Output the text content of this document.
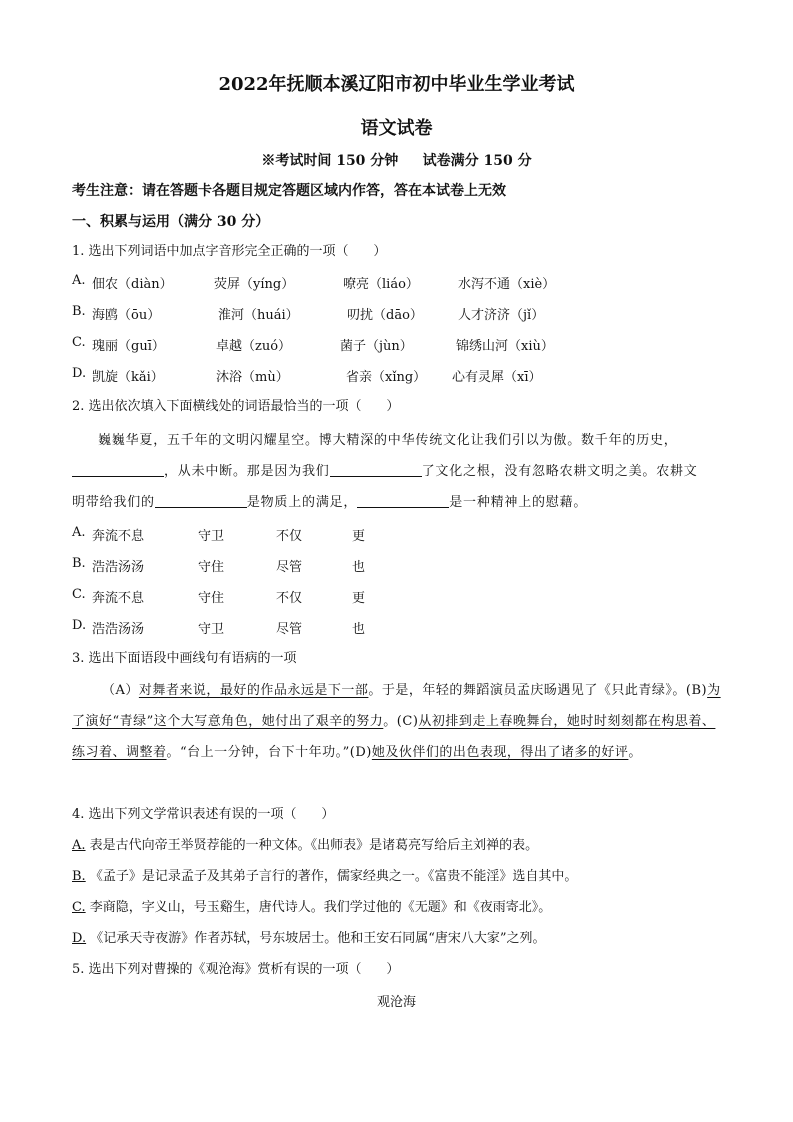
2022年抚顺本溪辽阳市初中毕业生学业考试
语文试卷
※考试时间 150 分钟     试卷满分 150 分
考生注意：请在答题卡各题目规定答题区域内作答，答在本试卷上无效
一、积累与运用（满分 30 分）
1. 选出下列词语中加点字音形完全正确的一项（      ）
A. 佃农（diàn）	荧屏（yíng）	嘹亮（liáo）	水泻不通（xiè）
B. 海鸥（ōu）	淮河（huái）	叨扰（dāo）	人才济济（jǐ）
C. 瑰丽（guī）	卓越（zuó）	菌子（jùn）	锦绣山河（xiù）
D. 凯旋（kǎi）	沐浴（mù）	省亲（xǐng） 心有灵犀（xī）
2. 选出依次填入下面横线处的词语最恰当的一项（      ）
巍巍华夏，五千年的文明闪耀星空。博大精深的中华传统文化让我们引以为傲。数千年的历史，
，从未中断。那是因为我们	了文化之根，没有忽略农耕文明之美。农耕文
明带给我们的	是物质上的满足，	是一种精神上的慰藉。
A. 奔流不息	守卫	不仅	更
B. 浩浩汤汤	守住	尽管	也
C. 奔流不息	守住	不仅	更
D. 浩浩汤汤	守卫	尽管	也
3. 选出下面语段中画线句有语病的一项
（A）对舞者来说，最好的作品永远是下一部。于是，年轻的舞蹈演员孟庆旸遇见了《只此青绿》。(B)为了演好“青绿”这个大写意角色，她付出了艰辛的努力。(C)从初排到走上春晚舞台，她时时刻刻都在构思着、练习着、调整着。“台上一分钟，台下十年功。”(D)她及伙伴们的出色表现，得出了诸多的好评。
4. 选出下列文学常识表述有误的一项（      ）
A. 表是古代向帝王举贤荐能的一种文体。《出师表》是诸葛亮写给后主刘禅的表。
B. 《孟子》是记录孟子及其弟子言行的著作，儒家经典之一。《富贵不能淫》选自其中。
C. 李商隐，字义山，号玉谿生，唐代诗人。我们学过他的《无题》和《夜雨寄北》。
D. 《记承天寺夜游》作者苏轼，号东坡居士。他和王安石同属“唐宋八大家”之列。
5. 选出下列对曹操的《观沧海》赏析有误的一项（      ）
观沧海
